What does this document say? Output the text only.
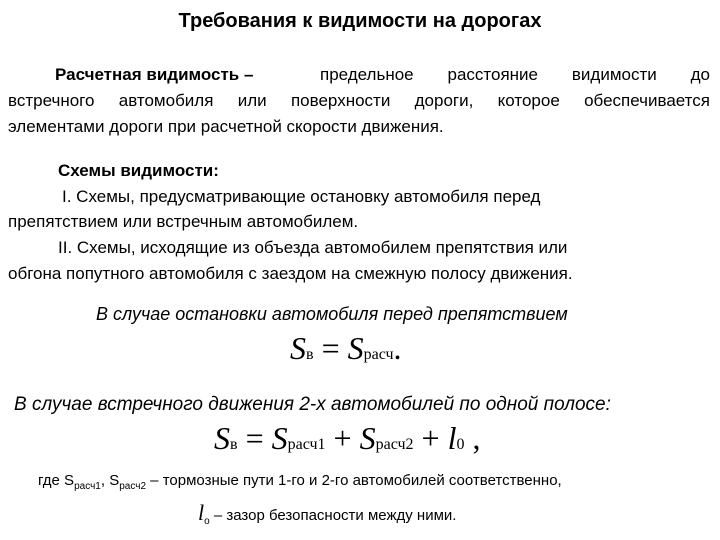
Требования к видимости на дорогах
Расчетная видимость –	предельное расстояние видимости до
встречного автомобиля или поверхности дороги, которое обеспечивается
элементами дороги при расчетной скорости движения.
Схемы видимости:
I. Схемы, предусматривающие остановку автомобиля перед
препятствием или встречным автомобилем.
II. Схемы, исходящие из объезда автомобилем препятствия или
обгона попутного автомобиля с заездом на смежную полосу движения.
В случае остановки автомобиля перед препятствием
Sв = Sрасч.
В случае встречного движения 2-х автомобилей по одной полосе:
Sв = Sрасч1 + Sрасч2 + l0 ,
где $S_{расч1}$, $S_{расч2}$ – тормозные пути 1-го и 2-го автомобилей соответственно,
$l_о$ – зазор безопасности между ними.
